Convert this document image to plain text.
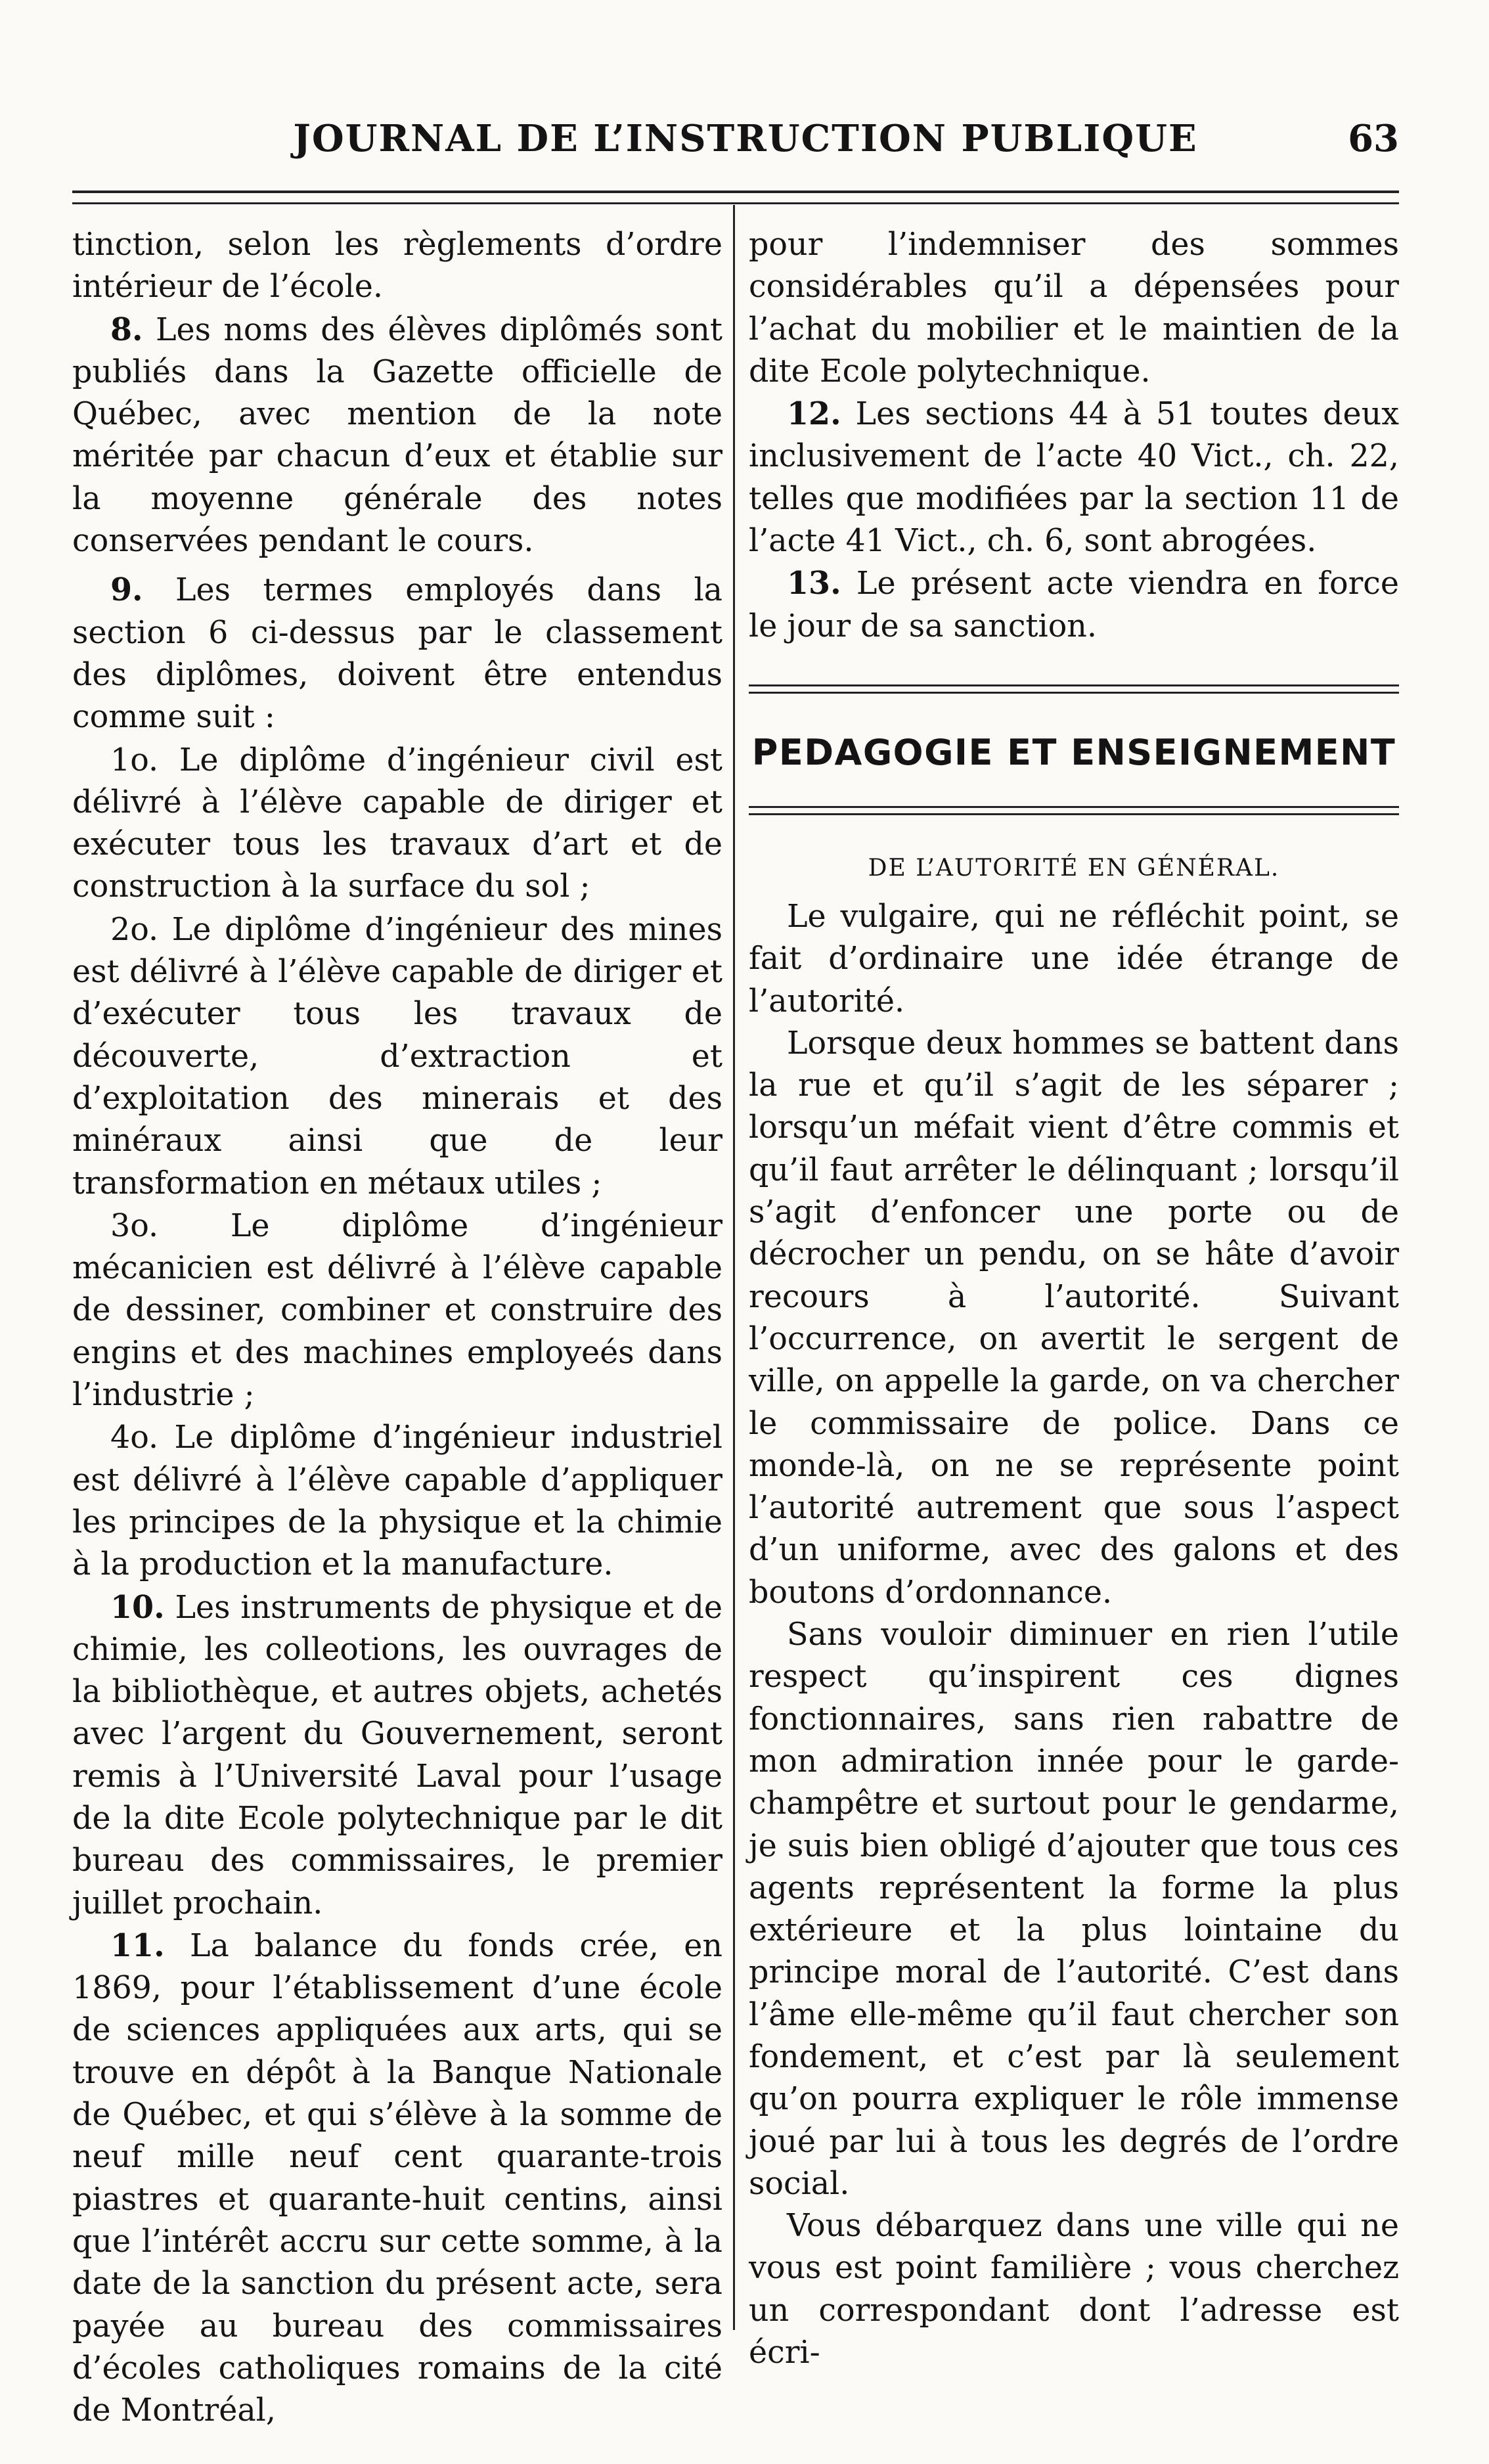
JOURNAL DE L’INSTRUCTION PUBLIQUE	63

tinction, selon les règlements d’ordre intérieur de l’école.

8. Les noms des élèves diplômés sont publiés dans la Gazette officielle de Québec, avec mention de la note méritée par chacun d’eux et établie sur la moyenne générale des notes conservées pendant le cours.

9. Les termes employés dans la section 6 ci-dessus par le classement des diplômes, doivent être entendus comme suit :

1o. Le diplôme d’ingénieur civil est délivré à l’élève capable de diriger et exécuter tous les travaux d’art et de construction à la surface du sol ;

2o. Le diplôme d’ingénieur des mines est délivré à l’élève capable de diriger et d’exécuter tous les travaux de découverte, d’extraction et d’exploitation des minerais et des minéraux ainsi que de leur transformation en métaux utiles ;

3o. Le diplôme d’ingénieur mécanicien est délivré à l’élève capable de dessiner, combiner et construire des engins et des machines employeés dans l’industrie ;

4o. Le diplôme d’ingénieur industriel est délivré à l’élève capable d’appliquer les principes de la physique et la chimie à la production et la manufacture.

10. Les instruments de physique et de chimie, les colleotions, les ouvrages de la bibliothèque, et autres objets, achetés avec l’argent du Gouvernement, seront remis à l’Université Laval pour l’usage de la dite Ecole polytechnique par le dit bureau des commissaires, le premier juillet prochain.

11. La balance du fonds crée, en 1869, pour l’établissement d’une école de sciences appliquées aux arts, qui se trouve en dépôt à la Banque Nationale de Québec, et qui s’élève à la somme de neuf mille neuf cent quarante-trois piastres et quarante-huit centins, ainsi que l’intérêt accru sur cette somme, à la date de la sanction du présent acte, sera payée au bureau des commissaires d’écoles catholiques romains de la cité de Montréal,

pour l’indemniser des sommes considérables qu’il a dépensées pour l’achat du mobilier et le maintien de la dite Ecole polytechnique.

12. Les sections 44 à 51 toutes deux inclusivement de l’acte 40 Vict., ch. 22, telles que modifiées par la section 11 de l’acte 41 Vict., ch. 6, sont abrogées.

13. Le présent acte viendra en force le jour de sa sanction.

PEDAGOGIE ET ENSEIGNEMENT

DE L’AUTORITÉ EN GÉNÉRAL.

Le vulgaire, qui ne réfléchit point, se fait d’ordinaire une idée étrange de l’autorité.

Lorsque deux hommes se battent dans la rue et qu’il s’agit de les séparer ; lorsqu’un méfait vient d’être commis et qu’il faut arrêter le délinquant ; lorsqu’il s’agit d’enfoncer une porte ou de décrocher un pendu, on se hâte d’avoir recours à l’autorité. Suivant l’occurrence, on avertit le sergent de ville, on appelle la garde, on va chercher le commissaire de police. Dans ce monde-là, on ne se représente point l’autorité autrement que sous l’aspect d’un uniforme, avec des galons et des boutons d’ordonnance.

Sans vouloir diminuer en rien l’utile respect qu’inspirent ces dignes fonctionnaires, sans rien rabattre de mon admiration innée pour le garde-champêtre et surtout pour le gendarme, je suis bien obligé d’ajouter que tous ces agents représentent la forme la plus extérieure et la plus lointaine du principe moral de l’autorité. C’est dans l’âme elle-même qu’il faut chercher son fondement, et c’est par là seulement qu’on pourra expliquer le rôle immense joué par lui à tous les degrés de l’ordre social.

Vous débarquez dans une ville qui ne vous est point familière ; vous cherchez un correspondant dont l’adresse est écri-
